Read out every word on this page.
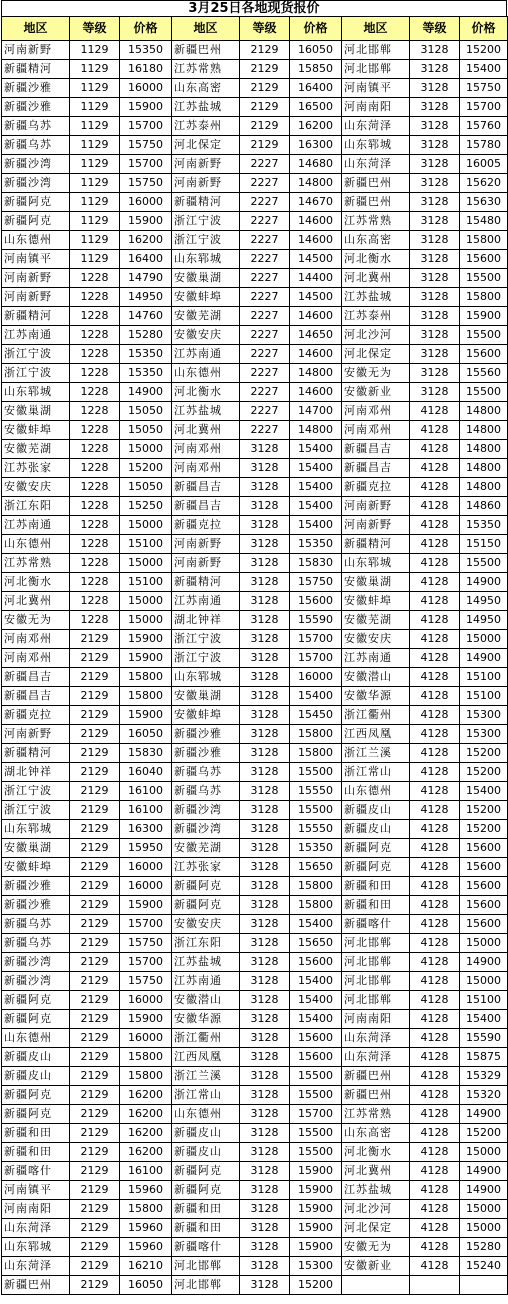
3月25日各地现货报价
地区	等级	价格	地区	等级	价格	地区	等级	价格
河南新野	1129	15350	新疆巴州	2129	16050	河北邯郸	3128	15200
新疆精河	1129	16180	江苏常熟	2129	15850	河北邯郸	3128	15400
新疆沙雅	1129	16000	山东高密	2129	16400	河南镇平	3128	15750
新疆沙雅	1129	15900	江苏盐城	2129	16500	河南南阳	3128	15700
新疆乌苏	1129	15700	江苏泰州	2129	16200	山东菏泽	3128	15760
新疆乌苏	1129	15750	河北保定	2129	16300	山东郓城	3128	15780
新疆沙湾	1129	15700	河南新野	2227	14680	山东菏泽	3128	16005
新疆沙湾	1129	15750	河南新野	2227	14800	新疆巴州	3128	15620
新疆阿克	1129	16000	新疆精河	2227	14670	新疆巴州	3128	15630
新疆阿克	1129	15900	浙江宁波	2227	14600	江苏常熟	3128	15480
山东德州	1129	16200	浙江宁波	2227	14600	山东高密	3128	15800
河南镇平	1129	16400	山东郓城	2227	14500	河北衡水	3128	15600
河南新野	1228	14790	安徽巢湖	2227	14400	河北冀州	3128	15500
河南新野	1228	14950	安徽蚌埠	2227	14500	江苏盐城	3128	15800
新疆精河	1228	14760	安徽芜湖	2227	14600	江苏泰州	3128	15900
江苏南通	1228	15280	安徽安庆	2227	14650	河北沙河	3128	15500
浙江宁波	1228	15350	江苏南通	2227	14600	河北保定	3128	15600
浙江宁波	1228	15350	山东德州	2227	14800	安徽无为	3128	15560
山东郓城	1228	14900	河北衡水	2227	14600	安徽新业	3128	15500
安徽巢湖	1228	15050	江苏盐城	2227	14700	河南邓州	4128	14800
安徽蚌埠	1228	15050	河北冀州	2227	14800	河南邓州	4128	14800
安徽芜湖	1228	15000	河南邓州	3128	15400	新疆昌吉	4128	14800
江苏张家	1228	15200	河南邓州	3128	15400	新疆昌吉	4128	14800
安徽安庆	1228	15050	新疆昌吉	3128	15400	新疆克拉	4128	14800
浙江东阳	1228	15250	新疆昌吉	3128	15400	河南新野	4128	14860
江苏南通	1228	15000	新疆克拉	3128	15400	河南新野	4128	15350
山东德州	1228	15100	河南新野	3128	15350	新疆精河	4128	15150
江苏常熟	1228	15000	河南新野	3128	15830	山东郓城	4128	15500
河北衡水	1228	15100	新疆精河	3128	15750	安徽巢湖	4128	14900
河北冀州	1228	15000	江苏南通	3128	15600	安徽蚌埠	4128	14950
安徽无为	1228	15000	湖北钟祥	3128	15590	安徽芜湖	4128	14950
河南邓州	2129	15900	浙江宁波	3128	15700	安徽安庆	4128	15000
河南邓州	2129	15900	浙江宁波	3128	15700	江苏南通	4128	14900
新疆昌吉	2129	15800	山东郓城	3128	16000	安徽潜山	4128	15100
新疆昌吉	2129	15800	安徽巢湖	3128	15400	安徽华源	4128	15100
新疆克拉	2129	15900	安徽蚌埠	3128	15450	浙江衢州	4128	15300
河南新野	2129	16050	新疆沙雅	3128	15800	江西凤凰	4128	15300
新疆精河	2129	15830	新疆沙雅	3128	15800	浙江兰溪	4128	15200
湖北钟祥	2129	16040	新疆乌苏	3128	15500	浙江常山	4128	15200
浙江宁波	2129	16100	新疆乌苏	3128	15550	山东德州	4128	15400
浙江宁波	2129	16100	新疆沙湾	3128	15500	新疆皮山	4128	15200
山东郓城	2129	16300	新疆沙湾	3128	15550	新疆皮山	4128	15200
安徽巢湖	2129	15950	安徽芜湖	3128	15350	新疆阿克	4128	15600
安徽蚌埠	2129	16000	江苏张家	3128	15650	新疆阿克	4128	15600
新疆沙雅	2129	16000	新疆阿克	3128	15800	新疆和田	4128	15600
新疆沙雅	2129	15900	新疆阿克	3128	15800	新疆和田	4128	15600
新疆乌苏	2129	15700	安徽安庆	3128	15400	新疆喀什	4128	15600
新疆乌苏	2129	15750	浙江东阳	3128	15650	河北邯郸	4128	15000
新疆沙湾	2129	15700	江苏盐城	3128	15600	河北邯郸	4128	14900
新疆沙湾	2129	15750	江苏南通	3128	15400	河北邯郸	4128	15000
新疆阿克	2129	16000	安徽潜山	3128	15400	河北邯郸	4128	15100
新疆阿克	2129	15900	安徽华源	3128	15400	河南南阳	4128	15400
山东德州	2129	16000	浙江衢州	3128	15600	山东菏泽	4128	15590
新疆皮山	2129	15800	江西凤凰	3128	15600	山东菏泽	4128	15875
新疆皮山	2129	15800	浙江兰溪	3128	15500	新疆巴州	4128	15329
新疆阿克	2129	16200	浙江常山	3128	15500	新疆巴州	4128	15320
新疆阿克	2129	16200	山东德州	3128	15700	江苏常熟	4128	14900
新疆和田	2129	16200	新疆皮山	3128	15500	山东高密	4128	15200
新疆和田	2129	16200	新疆皮山	3128	15500	河北衡水	4128	15000
新疆喀什	2129	16100	新疆阿克	3128	15900	河北冀州	4128	14900
河南镇平	2129	15960	新疆阿克	3128	15900	江苏盐城	4128	14900
河南南阳	2129	15800	新疆和田	3128	15900	河北沙河	4128	15000
山东菏泽	2129	15960	新疆和田	3128	15900	河北保定	4128	15000
山东郓城	2129	15960	新疆喀什	3128	15900	安徽无为	4128	15280
山东菏泽	2129	16210	河北邯郸	3128	15300	安徽新业	4128	15240
新疆巴州	2129	16050	河北邯郸	3128	15200			
